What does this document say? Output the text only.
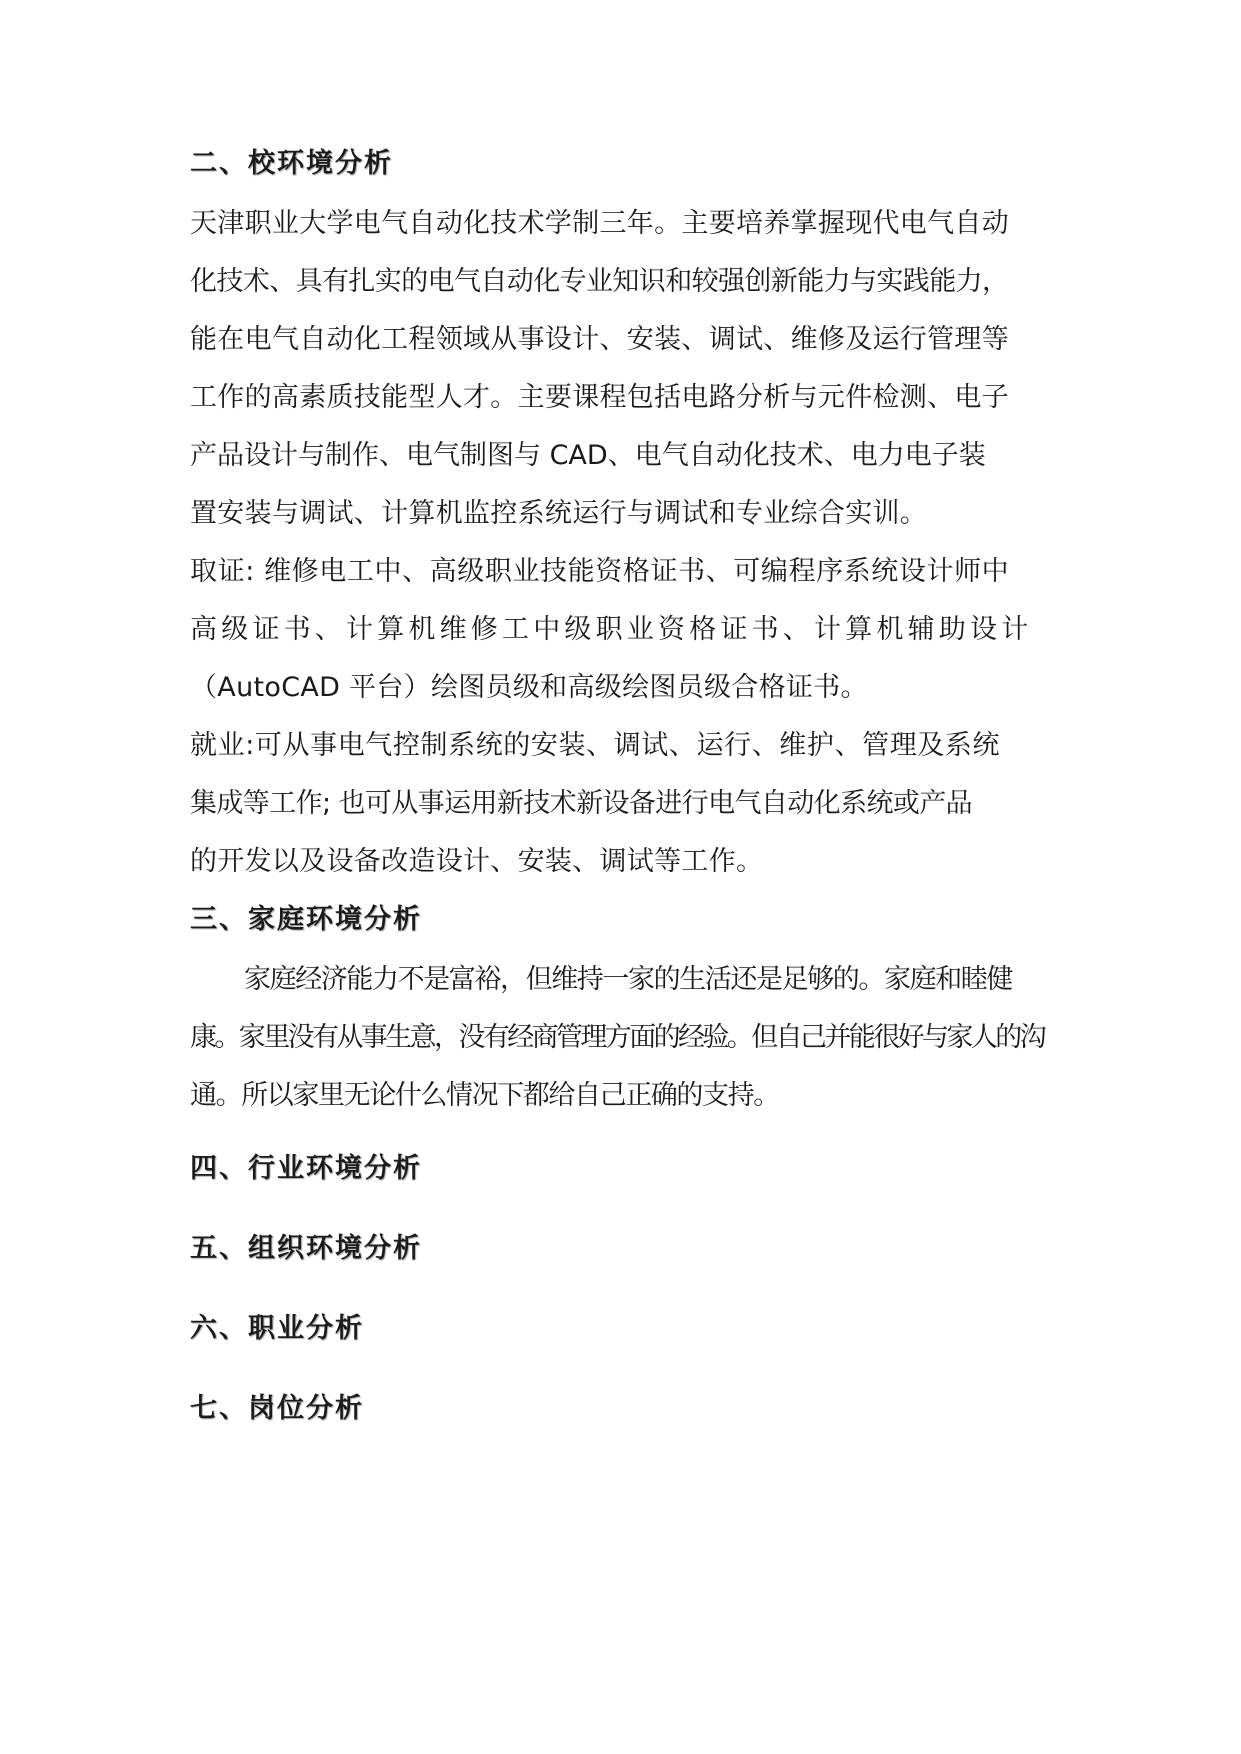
二、校环境分析
天津职业大学电气自动化技术学制三年。主要培养掌握现代电气自动
化技术、具有扎实的电气自动化专业知识和较强创新能力与实践能力，
能在电气自动化工程领域从事设计、安装、调试、维修及运行管理等
工作的高素质技能型人才。主要课程包括电路分析与元件检测、电子
产品设计与制作、电气制图与 CAD、电气自动化技术、电力电子装
置安装与调试、计算机监控系统运行与调试和专业综合实训。
取证: 维修电工中、高级职业技能资格证书、可编程序系统设计师中
高级证书、计算机维修工中级职业资格证书、计算机辅助设计
（AutoCAD 平台）绘图员级和高级绘图员级合格证书。
就业:可从事电气控制系统的安装、调试、运行、维护、管理及系统
集成等工作; 也可从事运用新技术新设备进行电气自动化系统或产品
的开发以及设备改造设计、安装、调试等工作。
三、家庭环境分析
家庭经济能力不是富裕，但维持一家的生活还是足够的。家庭和睦健
康。家里没有从事生意，没有经商管理方面的经验。但自己并能很好与家人的沟
通。所以家里无论什么情况下都给自己正确的支持。
四、行业环境分析
五、组织环境分析
六、职业分析
七、岗位分析
